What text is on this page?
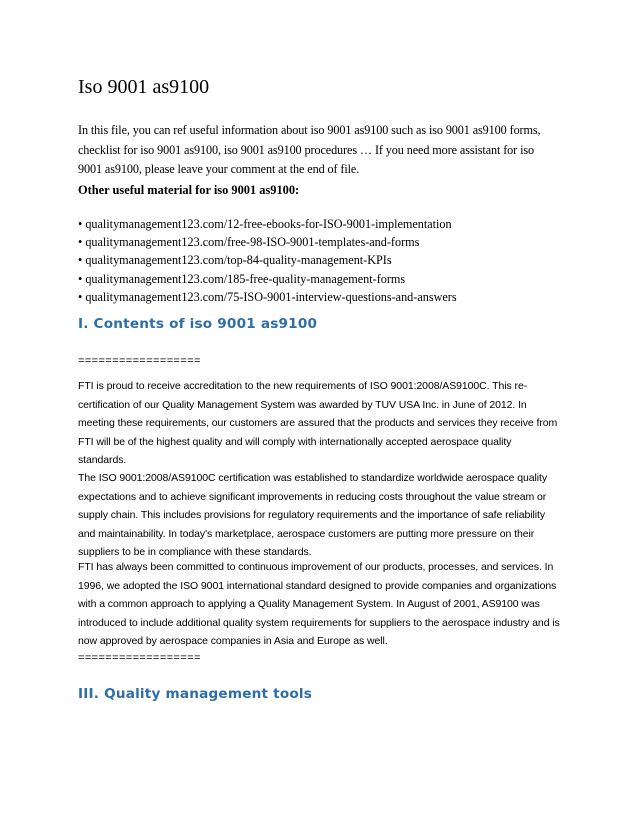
Iso 9001 as9100
In this file, you can ref useful information about iso 9001 as9100 such as iso 9001 as9100 forms, checklist for iso 9001 as9100, iso 9001 as9100 procedures … If you need more assistant for iso 9001 as9100, please leave your comment at the end of file.
Other useful material for iso 9001 as9100:
• qualitymanagement123.com/12-free-ebooks-for-ISO-9001-implementation
• qualitymanagement123.com/free-98-ISO-9001-templates-and-forms
• qualitymanagement123.com/top-84-quality-management-KPIs
• qualitymanagement123.com/185-free-quality-management-forms
• qualitymanagement123.com/75-ISO-9001-interview-questions-and-answers
I. Contents of iso 9001 as9100
==================
FTI is proud to receive accreditation to the new requirements of ISO 9001:2008/AS9100C. This re-certification of our Quality Management System was awarded by TUV USA Inc. in June of 2012. In meeting these requirements, our customers are assured that the products and services they receive from FTI will be of the highest quality and will comply with internationally accepted aerospace quality standards.
The ISO 9001:2008/AS9100C certification was established to standardize worldwide aerospace quality expectations and to achieve significant improvements in reducing costs throughout the value stream or supply chain. This includes provisions for regulatory requirements and the importance of safe reliability and maintainability. In today's marketplace, aerospace customers are putting more pressure on their suppliers to be in compliance with these standards.
FTI has always been committed to continuous improvement of our products, processes, and services. In 1996, we adopted the ISO 9001 international standard designed to provide companies and organizations with a common approach to applying a Quality Management System. In August of 2001, AS9100 was introduced to include additional quality system requirements for suppliers to the aerospace industry and is now approved by aerospace companies in Asia and Europe as well.
==================
III. Quality management tools
